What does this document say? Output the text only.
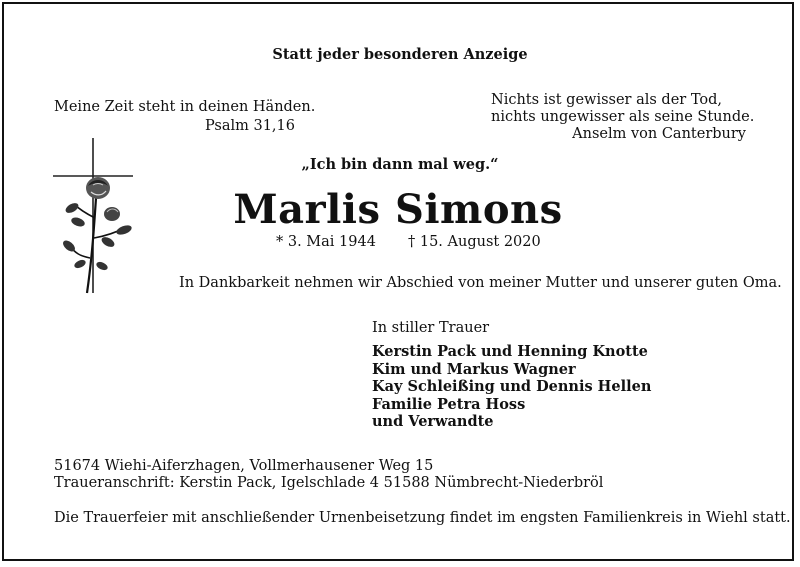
Statt jeder besonderen Anzeige
Meine Zeit steht in deinen Händen.
Psalm 31,16
Nichts ist gewisser als der Tod,
nichts ungewisser als seine Stunde.
Anselm von Canterbury
„Ich bin dann mal weg.“
Marlis Simons
* 3. Mai 1944 † 15. August 2020
In Dankbarkeit nehmen wir Abschied von meiner Mutter und unserer guten Oma.
In stiller Trauer
Kerstin Pack und Henning Knotte
Kim und Markus Wagner
Kay Schleißing und Dennis Hellen
Familie Petra Hoss
und Verwandte
51674 Wiehi-Aiferzhagen, Vollmerhausener Weg 15
Traueranschrift: Kerstin Pack, Igelschlade 4 51588 Nümbrecht-Niederbröl
Die Trauerfeier mit anschließender Urnenbeisetzung findet im engsten Familienkreis in Wiehl statt.
